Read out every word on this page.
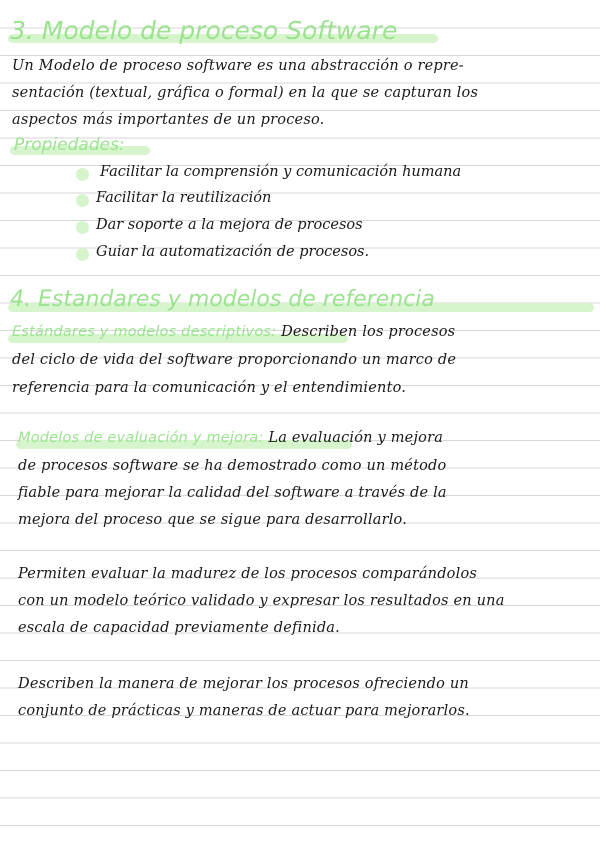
3. Modelo de proceso Software
Un Modelo de proceso software es una abstracción o repre-
sentación (textual, gráfica o formal) en la que se capturan los
aspectos más importantes de un proceso.
Propiedades:
Facilitar la comprensión y comunicación humana
Facilitar la reutilización
Dar soporte a la mejora de procesos
Guiar la automatización de procesos.
4. Estandares y modelos de referencia
Estándares y modelos descriptivos: Describen los procesos
del ciclo de vida del software proporcionando un marco de
referencia para la comunicación y el entendimiento.
Modelos de evaluación y mejora: La evaluación y mejora
de procesos software se ha demostrado como un método
fiable para mejorar la calidad del software a través de la
mejora del proceso que se sigue para desarrollarlo.
Permiten evaluar la madurez de los procesos comparándolos
con un modelo teórico validado y expresar los resultados en una
escala de capacidad previamente definida.
Describen la manera de mejorar los procesos ofreciendo un
conjunto de prácticas y maneras de actuar para mejorarlos.
